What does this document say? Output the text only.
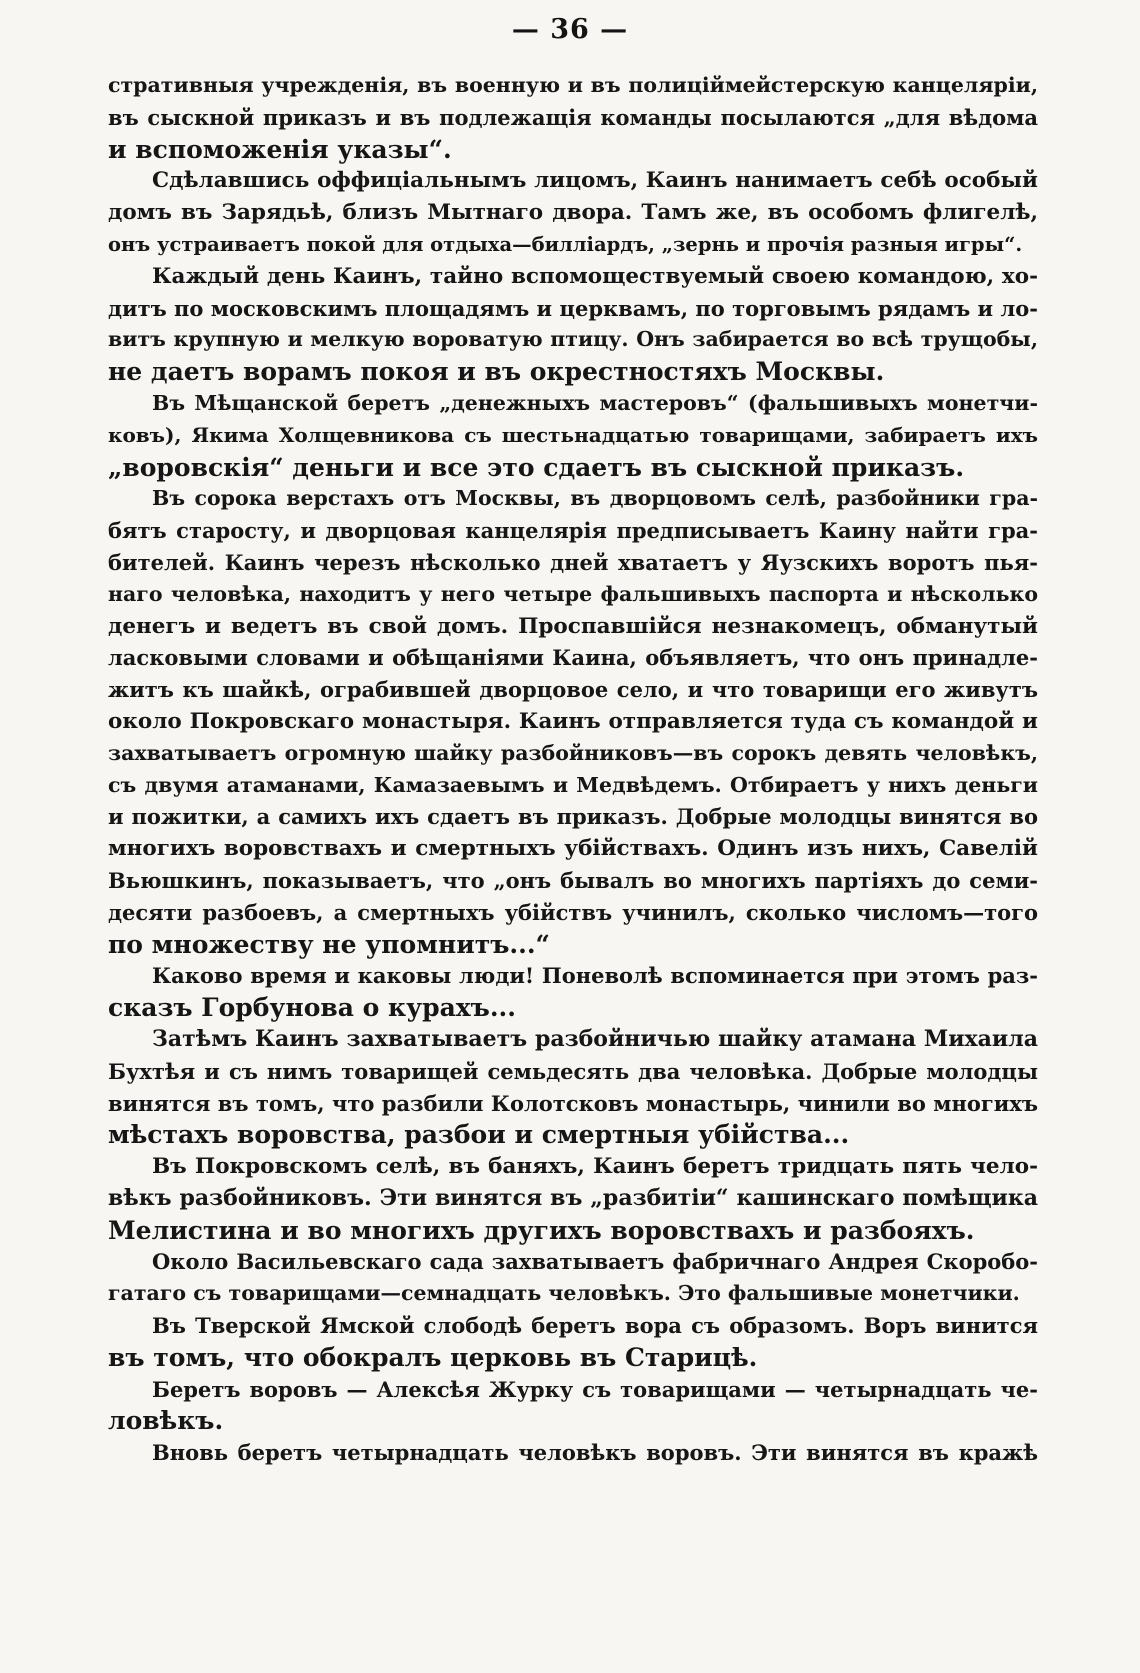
— 36 —
стративныя учрежденія, въ военную и въ полиціймейстерскую канцеляріи,
въ сыскной приказъ и въ подлежащія команды посылаются „для вѣдома
и вспоможенія указы“.
Сдѣлавшись оффиціальнымъ лицомъ, Каинъ нанимаетъ себѣ особый
домъ въ Зарядьѣ, близъ Мытнаго двора. Тамъ же, въ особомъ флигелѣ,
онъ устраиваетъ покой для отдыха—билліардъ, „зернь и прочія разныя игры“.
Каждый день Каинъ, тайно вспомоществуемый своею командою, хо-
дитъ по московскимъ площадямъ и церквамъ, по торговымъ рядамъ и ло-
витъ крупную и мелкую вороватую птицу. Онъ забирается во всѣ трущобы,
не даетъ ворамъ покоя и въ окрестностяхъ Москвы.
Въ Мѣщанской беретъ „денежныхъ мастеровъ“ (фальшивыхъ монетчи-
ковъ), Якима Холщевникова съ шестьнадцатью товарищами, забираетъ ихъ
„воровскія“ деньги и все это сдаетъ въ сыскной приказъ.
Въ сорока верстахъ отъ Москвы, въ дворцовомъ селѣ, разбойники гра-
бятъ старосту, и дворцовая канцелярія предписываетъ Каину найти гра-
бителей. Каинъ черезъ нѣсколько дней хватаетъ у Яузскихъ воротъ пья-
наго человѣка, находитъ у него четыре фальшивыхъ паспорта и нѣсколько
денегъ и ведетъ въ свой домъ. Проспавшійся незнакомецъ, обманутый
ласковыми словами и обѣщаніями Каина, объявляетъ, что онъ принадле-
житъ къ шайкѣ, ограбившей дворцовое село, и что товарищи его живутъ
около Покровскаго монастыря. Каинъ отправляется туда съ командой и
захватываетъ огромную шайку разбойниковъ—въ сорокъ девять человѣкъ,
съ двумя атаманами, Камазаевымъ и Медвѣдемъ. Отбираетъ у нихъ деньги
и пожитки, а самихъ ихъ сдаетъ въ приказъ. Добрые молодцы винятся во
многихъ воровствахъ и смертныхъ убійствахъ. Одинъ изъ нихъ, Савелій
Вьюшкинъ, показываетъ, что „онъ бывалъ во многихъ партіяхъ до семи-
десяти разбоевъ, а смертныхъ убійствъ учинилъ, сколько числомъ—того
по множеству не упомнитъ...“
Каково время и каковы люди! Поневолѣ вспоминается при этомъ раз-
сказъ Горбунова о курахъ...
Затѣмъ Каинъ захватываетъ разбойничью шайку атамана Михаила
Бухтѣя и съ нимъ товарищей семьдесять два человѣка. Добрые молодцы
винятся въ томъ, что разбили Колотсковъ монастырь, чинили во многихъ
мѣстахъ воровства, разбои и смертныя убійства...
Въ Покровскомъ селѣ, въ баняхъ, Каинъ беретъ тридцать пять чело-
вѣкъ разбойниковъ. Эти винятся въ „разбитіи“ кашинскаго помѣщика
Мелистина и во многихъ другихъ воровствахъ и разбояхъ.
Около Васильевскаго сада захватываетъ фабричнаго Андрея Скоробо-
гатаго съ товарищами—семнадцать человѣкъ. Это фальшивые монетчики.
Въ Тверской Ямской слободѣ беретъ вора съ образомъ. Воръ винится
въ томъ, что обокралъ церковь въ Старицѣ.
Беретъ воровъ — Алексѣя Журку съ товарищами — четырнадцать че-
ловѣкъ.
Вновь беретъ четырнадцать человѣкъ воровъ. Эти винятся въ кражѣ
